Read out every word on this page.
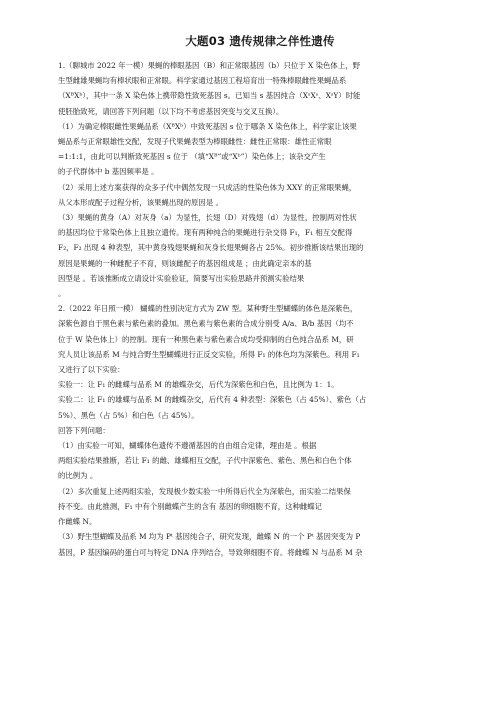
大题03 遗传规律之伴性遗传
1.（聊城市 2022 年一模）果蝇的棒眼基因（B）和正常眼基因（b）只位于 X 染色体上，野
生型雌雄果蝇均有棒状眼和正常眼。科学家通过基因工程培育出一特殊棒眼雌性果蝇品系
（XᴮXᵇ），其中一条 X 染色体上携带隐性致死基因 s。已知当 s 基因纯合（XˢXˢ、XˢY）时能
使胚胎致死，请回答下列问题（以下均不考虑基因突变与交叉互换）。
（1）为确定棒眼雌性果蝇品系（XᴮXᵇ）中致死基因 s 位于哪条 X 染色体上，科学家让该果
蝇品系与正常眼雄性交配，发现子代果蝇表型为棒眼雌性：雌性正常眼：雄性正常眼
=1:1:1，由此可以判断致死基因 s 位于 （填“Xᴮ”或“Xᵇ”）染色体上；该杂交产生
的子代群体中 b 基因频率是 。
（2）采用上述方案获得的众多子代中偶然发现一只成活的性染色体为 XXY 的正常眼果蝇，
从父本形成配子过程分析，该果蝇出现的原因是 。
（3）果蝇的黄身（A）对灰身（a）为显性，长翅（D）对残翅（d）为显性，控制两对性状
的基因均位于常染色体上且独立遗传。现有两种纯合的果蝇进行杂交得 F₁，F₁ 相互交配得
F₂，F₂ 出现 4 种表型，其中黄身残翅果蝇和灰身长翅果蝇各占 25%。初步推断该结果出现的
原因是果蝇的一种雌配子不育，则该雌配子的基因组成是 ；由此确定亲本的基
因型是 。若该推断成立请设计实验验证，简要写出实验思路并预测实验结果
。
2.（2022 年日照一模） 蝴蝶的性别决定方式为 ZW 型。某种野生型蝴蝶的体色是深紫色，
深紫色源自于黑色素与紫色素的叠加。黑色素与紫色素的合成分别受 A/a、B/b 基因（均不
位于 W 染色体上）的控制。现有一种黑色素与紫色素合成均受抑制的白色纯合品系 M，研
究人员让该品系 M 与纯合野生型蝴蝶进行正反交实验，所得 F₁ 的体色均为深紫色。利用 F₁
又进行了以下实验：
实验一：让 F₁ 的雌蝶与品系 M 的雄蝶杂交，后代为深紫色和白色，且比例为 1：1。
实验二：让 F₁ 的雄蝶与品系 M 的雌蝶杂交，后代有 4 种表型：深紫色（占 45%）、紫色（占
5%）、黑色（占 5%）和白色（占 45%）。
回答下列问题：
（1）由实验一可知，蝴蝶体色遗传不遵循基因的自由组合定律，理由是 。根据
两组实验结果推断，若让 F₁ 的雌、雄蝶相互交配，子代中深紫色、紫色、黑色和白色个体
的比例为 。
（2）多次重复上述两组实验，发现极少数实验一中所得后代全为深紫色，而实验二结果保
持不变。由此推测，F₁ 中有个别雌蝶产生的含有 基因的卵细胞不育，这种雌蝶记
作雌蝶 N。
（3）野生型蝴蝶及品系 M 均为 Pᵗ 基因纯合子，研究发现，雌蝶 N 的一个 Pᵗ 基因突变为 P
基因，P 基因编码的蛋白可与特定 DNA 序列结合，导致卵细胞不育。将雌蝶 N 与品系 M 杂
